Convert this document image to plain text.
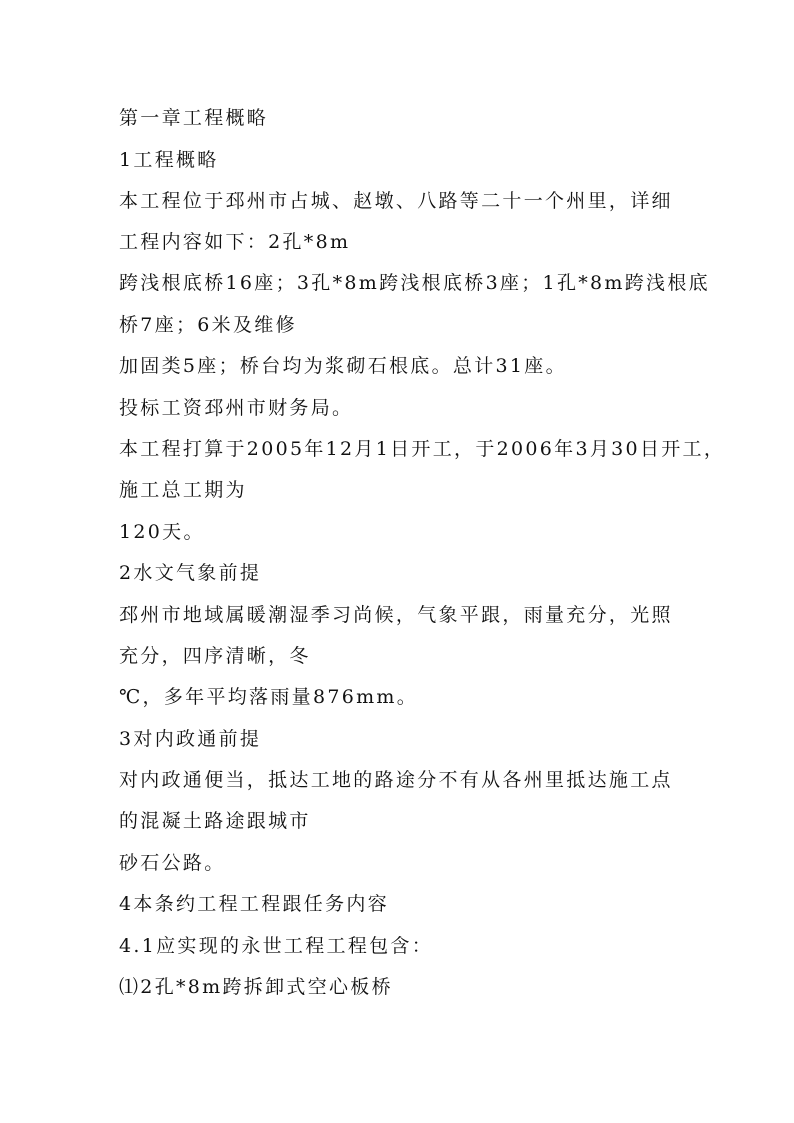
第一章工程概略
1工程概略
本工程位于邳州市占城、赵墩、八路等二十一个州里，详细
工程内容如下：2孔*8m
跨浅根底桥16座；3孔*8m跨浅根底桥3座；1孔*8m跨浅根底
桥7座；6米及维修
加固类5座；桥台均为浆砌石根底。总计31座。
投标工资邳州市财务局。
本工程打算于2005年12月1日开工，于2006年3月30日开工，
施工总工期为
120天。
2水文气象前提
邳州市地域属暖潮湿季习尚候，气象平跟，雨量充分，光照
充分，四序清晰，冬
℃，多年平均落雨量876mm。
3对内政通前提
对内政通便当，抵达工地的路途分不有从各州里抵达施工点
的混凝土路途跟城市
砂石公路。
4本条约工程工程跟任务内容
4.1应实现的永世工程工程包含：
⑴2孔*8m跨拆卸式空心板桥
